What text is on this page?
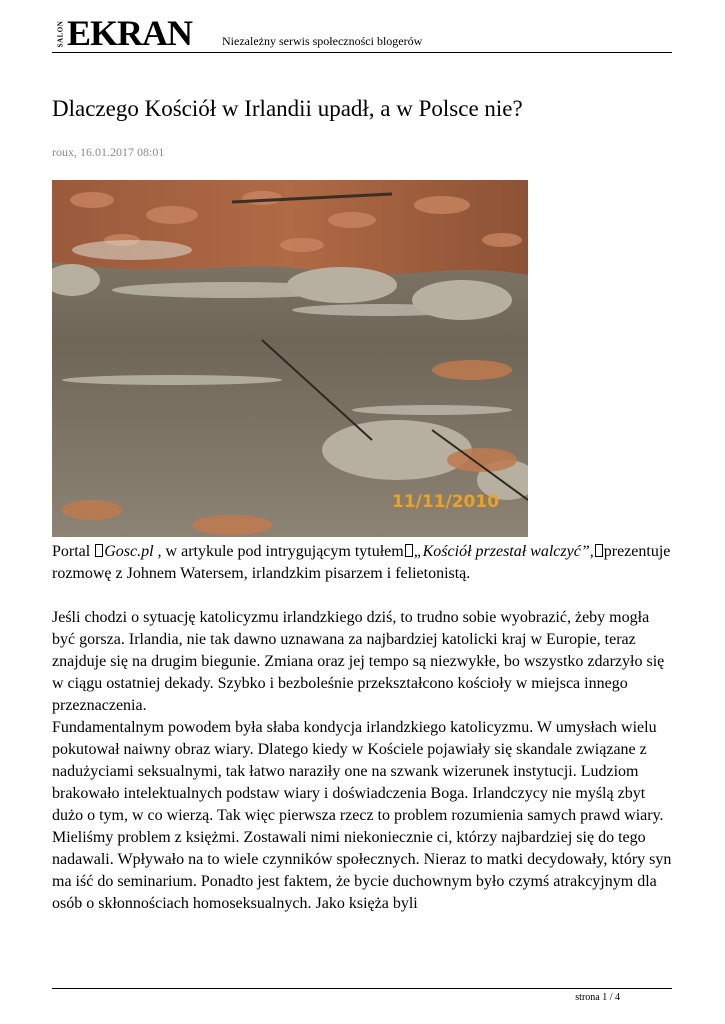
SALON EKRAN Niezależny serwis społeczności blogerów
Dlaczego Kościół w Irlandii upadł, a w Polsce nie?
roux, 16.01.2017 08:01
11/11/2010

Portal Gosc.pl , w artykule pod intrygującym tytułem „Kościół przestał walczyć”, prezentuje rozmowę z Johnem Watersem, irlandzkim pisarzem i felietonistą.

Jeśli chodzi o sytuację katolicyzmu irlandzkiego dziś, to trudno sobie wyobrazić, żeby mogła być gorsza. Irlandia, nie tak dawno uznawana za najbardziej katolicki kraj w Europie, teraz znajduje się na drugim biegunie. Zmiana oraz jej tempo są niezwykłe, bo wszystko zdarzyło się w ciągu ostatniej dekady. Szybko i bezboleśnie przekształcono kościoły w miejsca innego przeznaczenia.

Fundamentalnym powodem była słaba kondycja irlandzkiego katolicyzmu. W umysłach wielu pokutował naiwny obraz wiary. Dlatego kiedy w Kościele pojawiały się skandale związane z nadużyciami seksualnymi, tak łatwo naraziły one na szwank wizerunek instytucji. Ludziom brakowało intelektualnych podstaw wiary i doświadczenia Boga. Irlandczycy nie myślą zbyt dużo o tym, w co wierzą. Tak więc pierwsza rzecz to problem rozumienia samych prawd wiary.

Mieliśmy problem z księżmi. Zostawali nimi niekoniecznie ci, którzy najbardziej się do tego nadawali. Wpływało na to wiele czynników społecznych. Nieraz to matki decydowały, który syn ma iść do seminarium. Ponadto jest faktem, że bycie duchownym było czymś atrakcyjnym dla osób o skłonnościach homoseksualnych. Jako księża byli

strona 1 / 4
